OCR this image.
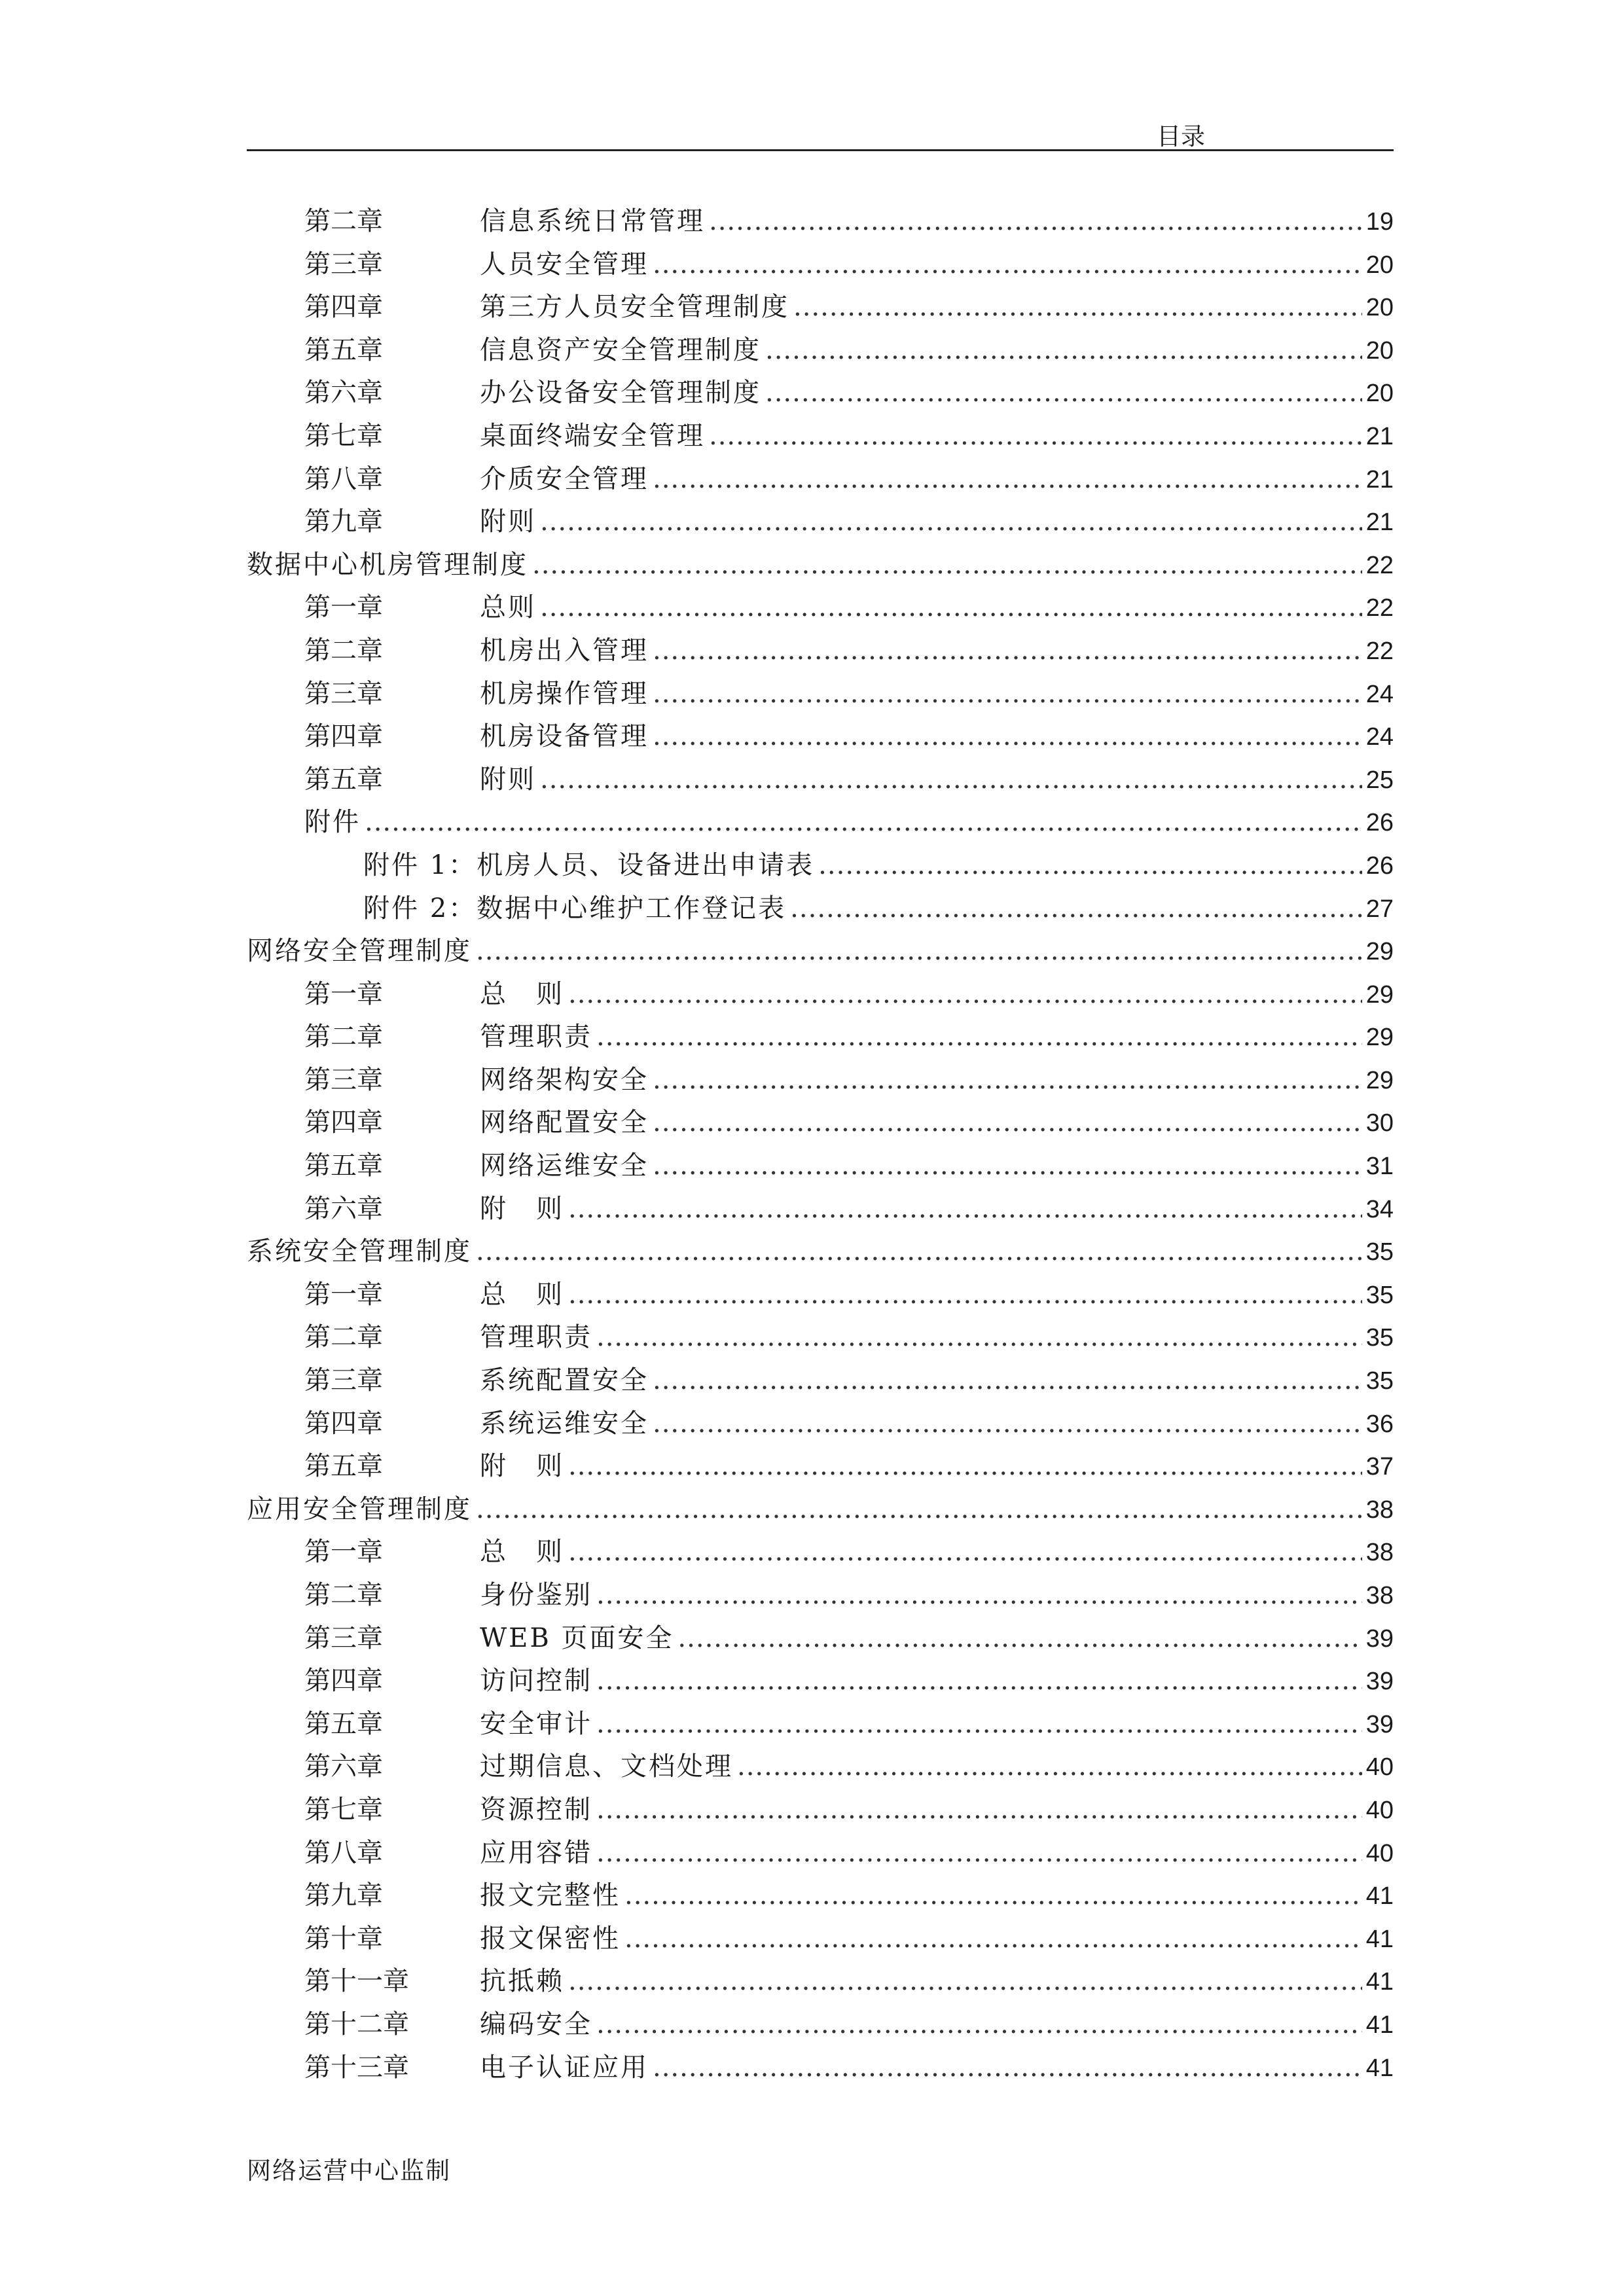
目录
第二章	信息系统日常管理 .....	19
第三章	人员安全管理 .....	20
第四章	第三方人员安全管理制度 .....	20
第五章	信息资产安全管理制度 .....	20
第六章	办公设备安全管理制度 .....	20
第七章	桌面终端安全管理 .....	21
第八章	介质安全管理 .....	21
第九章	附则 .....	21
数据中心机房管理制度 .....	22
第一章	总则 .....	22
第二章	机房出入管理 .....	22
第三章	机房操作管理 .....	24
第四章	机房设备管理 .....	24
第五章	附则 .....	25
附件 .....	26
附件 1：机房人员、设备进出申请表 .....	26
附件 2：数据中心维护工作登记表 .....	27
网络安全管理制度 .....	29
第一章	总　则 .....	29
第二章	管理职责 .....	29
第三章	网络架构安全 .....	29
第四章	网络配置安全 .....	30
第五章	网络运维安全 .....	31
第六章	附　则 .....	34
系统安全管理制度 .....	35
第一章	总　则 .....	35
第二章	管理职责 .....	35
第三章	系统配置安全 .....	35
第四章	系统运维安全 .....	36
第五章	附　则 .....	37
应用安全管理制度 .....	38
第一章	总　则 .....	38
第二章	身份鉴别 .....	38
第三章	WEB 页面安全 .....	39
第四章	访问控制 .....	39
第五章	安全审计 .....	39
第六章	过期信息、文档处理 .....	40
第七章	资源控制 .....	40
第八章	应用容错 .....	40
第九章	报文完整性 .....	41
第十章	报文保密性 .....	41
第十一章	抗抵赖 .....	41
第十二章	编码安全 .....	41
第十三章	电子认证应用 .....	41
网络运营中心监制
